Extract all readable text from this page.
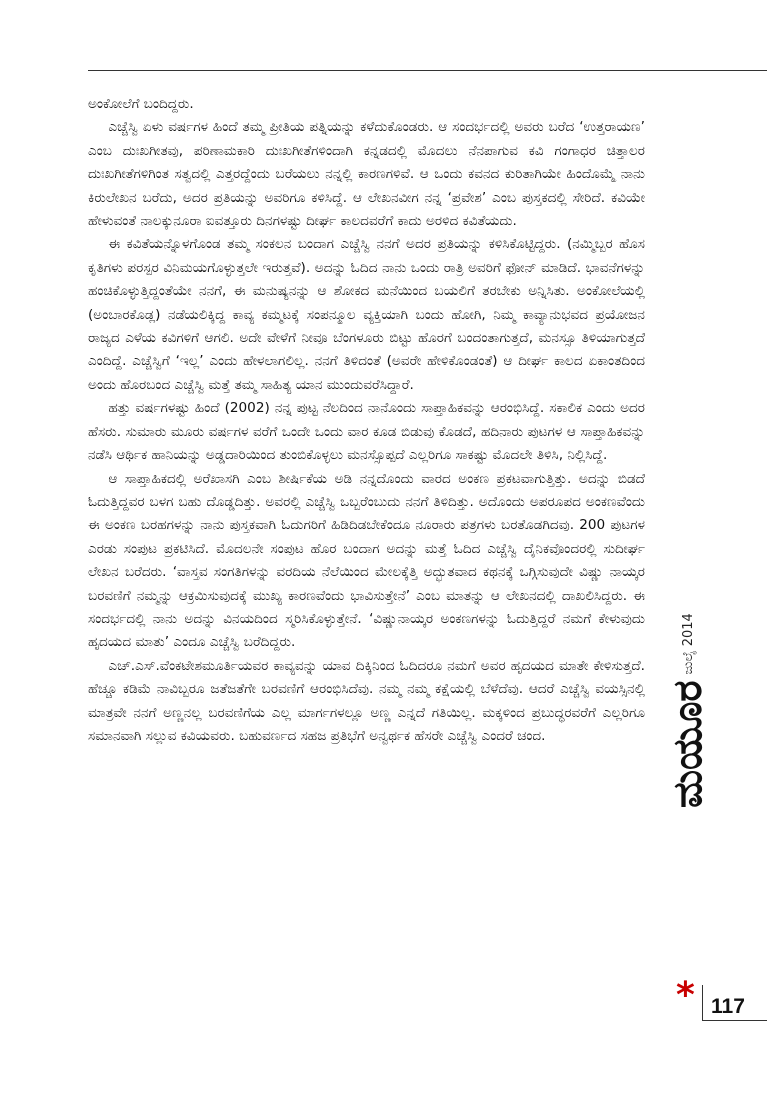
ಅಂಕೋಲೆಗೆ ಬಂದಿದ್ದರು.

ಎಚ್ಚೆಸ್ವಿ ಏಳು ವರ್ಷಗಳ ಹಿಂದೆ ತಮ್ಮ ಪ್ರೀತಿಯ ಪತ್ನಿಯನ್ನು ಕಳೆದುಕೊಂಡರು. ಆ ಸಂದರ್ಭದಲ್ಲಿ ಅವರು ಬರೆದ ‘ಉತ್ತರಾಯಣ’ ಎಂಬ ದುಃಖಗೀತವು, ಪರಿಣಾಮಕಾರಿ ದುಃಖಗೀತೆಗಳಿಂದಾಗಿ ಕನ್ನಡದಲ್ಲಿ ಮೊದಲು ನೆನಪಾಗುವ ಕವಿ ಗಂಗಾಧರ ಚಿತ್ತಾಲರ ದುಃಖಗೀತೆಗಳಿಗಿಂತ ಸತ್ವದಲ್ಲಿ ಎತ್ತರದ್ದೆಂದು ಬರೆಯಲು ನನ್ನಲ್ಲಿ ಕಾರಣಗಳಿವೆ. ಆ ಒಂದು ಕವನದ ಕುರಿತಾಗಿಯೇ ಹಿಂದೊಮ್ಮೆ ನಾನು ಕಿರುಲೇಖನ ಬರೆದು, ಅದರ ಪ್ರತಿಯನ್ನು ಅವರಿಗೂ ಕಳಿಸಿದ್ದೆ. ಆ ಲೇಖನವೀಗ ನನ್ನ ‘ಪ್ರವೇಶ’ ಎಂಬ ಪುಸ್ತಕದಲ್ಲಿ ಸೇರಿದೆ. ಕವಿಯೇ ಹೇಳುವಂತೆ ನಾಲಕ್ಕುನೂರಾ ಐವತ್ತೂರು ದಿನಗಳಷ್ಟು ದೀರ್ಘ ಕಾಲದವರೆಗೆ ಕಾದು ಅರಳಿದ ಕವಿತೆಯದು.

ಈ ಕವಿತೆಯನ್ನೊಳಗೊಂಡ ತಮ್ಮ ಸಂಕಲನ ಬಂದಾಗ ಎಚ್ಚೆಸ್ವಿ ನನಗೆ ಅದರ ಪ್ರತಿಯನ್ನು ಕಳಿಸಿಕೊಟ್ಟಿದ್ದರು. (ನಮ್ಮಿಬ್ಬರ ಹೊಸ ಕೃತಿಗಳು ಪರಸ್ಪರ ವಿನಿಮಯಗೊಳ್ಳುತ್ತಲೇ ಇರುತ್ತವೆ). ಅದನ್ನು ಓದಿದ ನಾನು ಒಂದು ರಾತ್ರಿ ಅವರಿಗೆ ಫೋನ್ ಮಾಡಿದೆ. ಭಾವನೆಗಳನ್ನು ಹಂಚಿಕೊಳ್ಳುತ್ತಿದ್ದಂತೆಯೇ ನನಗೆ, ಈ ಮನುಷ್ಯನನ್ನು ಆ ಶೋಕದ ಮನೆಯಿಂದ ಬಯಲಿಗೆ ತರಬೇಕು ಅನ್ನಿಸಿತು. ಅಂಕೋಲೆಯಲ್ಲಿ (ಅಂಬಾರಕೊಡ್ಲ) ನಡೆಯಲಿಕ್ಕಿದ್ದ ಕಾವ್ಯ ಕಮ್ಮಟಕ್ಕೆ ಸಂಪನ್ಮೂಲ ವ್ಯಕ್ತಿಯಾಗಿ ಬಂದು ಹೋಗಿ, ನಿಮ್ಮ ಕಾವ್ಯಾನುಭವದ ಪ್ರಯೋಜನ ರಾಜ್ಯದ ಎಳೆಯ ಕವಿಗಳಿಗೆ ಆಗಲಿ. ಅದೇ ವೇಳೆಗೆ ನೀವೂ ಬೆಂಗಳೂರು ಬಿಟ್ಟು ಹೊರಗೆ ಬಂದಂತಾಗುತ್ತದೆ, ಮನಸ್ಸೂ ತಿಳಿಯಾಗುತ್ತದೆ ಎಂದಿದ್ದೆ. ಎಚ್ಚೆಸ್ವಿಗೆ ‘ಇಲ್ಲ’ ಎಂದು ಹೇಳಲಾಗಲಿಲ್ಲ. ನನಗೆ ತಿಳಿದಂತೆ (ಅವರೇ ಹೇಳಿಕೊಂಡಂತೆ) ಆ ದೀರ್ಘ ಕಾಲದ ಏಕಾಂತದಿಂದ ಅಂದು ಹೊರಬಂದ ಎಚ್ಚೆಸ್ವಿ ಮತ್ತೆ ತಮ್ಮ ಸಾಹಿತ್ಯ ಯಾನ ಮುಂದುವರೆಸಿದ್ದಾರೆ.

ಹತ್ತು ವರ್ಷಗಳಷ್ಟು ಹಿಂದೆ (2002) ನನ್ನ ಪುಟ್ಟ ನೆಲದಿಂದ ನಾನೊಂದು ಸಾಪ್ತಾಹಿಕವನ್ನು ಆರಂಭಿಸಿದ್ದೆ. ಸಕಾಲಿಕ ಎಂದು ಅದರ ಹೆಸರು. ಸುಮಾರು ಮೂರು ವರ್ಷಗಳ ವರೆಗೆ ಒಂದೇ ಒಂದು ವಾರ ಕೂಡ ಬಿಡುವು ಕೊಡದೆ, ಹದಿನಾರು ಪುಟಗಳ ಆ ಸಾಪ್ತಾಹಿಕವನ್ನು ನಡೆಸಿ ಆರ್ಥಿಕ ಹಾನಿಯನ್ನು ಅಡ್ಡದಾರಿಯಿಂದ ತುಂಬಿಕೊಳ್ಳಲು ಮನಸ್ಸೊಪ್ಪದೆ ಎಲ್ಲರಿಗೂ ಸಾಕಷ್ಟು ಮೊದಲೇ ತಿಳಿಸಿ, ನಿಲ್ಲಿಸಿದ್ದೆ.

ಆ ಸಾಪ್ತಾಹಿಕದಲ್ಲಿ ಅರೆಖಾಸಗಿ ಎಂಬ ಶೀರ್ಷಿಕೆಯ ಅಡಿ ನನ್ನದೊಂದು ವಾರದ ಅಂಕಣ ಪ್ರಕಟವಾಗುತ್ತಿತ್ತು. ಅದನ್ನು ಬಿಡದೆ ಓದುತ್ತಿದ್ದವರ ಬಳಗ ಬಹು ದೊಡ್ಡದಿತ್ತು. ಅವರಲ್ಲಿ ಎಚ್ಚೆಸ್ವಿ ಒಬ್ಬರೆಂಬುದು ನನಗೆ ತಿಳಿದಿತ್ತು. ಅದೊಂದು ಅಪರೂಪದ ಅಂಕಣವೆಂದು ಈ ಅಂಕಣ ಬರಹಗಳನ್ನು ನಾನು ಪುಸ್ತಕವಾಗಿ ಓದುಗರಿಗೆ ಹಿಡಿದಿಡಬೇಕೆಂದೂ ನೂರಾರು ಪತ್ರಗಳು ಬರತೊಡಗಿದವು. 200 ಪುಟಗಳ ಎರಡು ಸಂಪುಟ ಪ್ರಕಟಿಸಿದೆ. ಮೊದಲನೇ ಸಂಪುಟ ಹೊರ ಬಂದಾಗ ಅದನ್ನು ಮತ್ತೆ ಓದಿದ ಎಚ್ಚೆಸ್ವಿ ದೈನಿಕವೊಂದರಲ್ಲಿ ಸುದೀರ್ಘ ಲೇಖನ ಬರೆದರು. ‘ವಾಸ್ತವ ಸಂಗತಿಗಳನ್ನು ವರದಿಯ ನೆಲೆಯಿಂದ ಮೇಲಕ್ಕೆತ್ತಿ ಅದ್ಭುತವಾದ ಕಥನಕ್ಕೆ ಒಗ್ಗಿಸುವುದೇ ವಿಷ್ಣು ನಾಯ್ಕರ ಬರವಣಿಗೆ ನಮ್ಮನ್ನು ಆಕ್ರಮಿಸುವುದಕ್ಕೆ ಮುಖ್ಯ ಕಾರಣವೆಂದು ಭಾವಿಸುತ್ತೇನೆ’ ಎಂಬ ಮಾತನ್ನು ಆ ಲೇಖನದಲ್ಲಿ ದಾಖಲಿಸಿದ್ದರು. ಈ ಸಂದರ್ಭದಲ್ಲಿ ನಾನು ಅದನ್ನು ವಿನಯದಿಂದ ಸ್ಮರಿಸಿಕೊಳ್ಳುತ್ತೇನೆ. ‘ವಿಷ್ಣುನಾಯ್ಕರ ಅಂಕಣಗಳನ್ನು ಓದುತ್ತಿದ್ದರೆ ನಮಗೆ ಕೇಳುವುದು ಹೃದಯದ ಮಾತು’ ಎಂದೂ ಎಚ್ಚೆಸ್ವಿ ಬರೆದಿದ್ದರು.

ಎಚ್.ಎಸ್.ವೆಂಕಟೇಶಮೂರ್ತಿಯವರ ಕಾವ್ಯವನ್ನು ಯಾವ ದಿಕ್ಕಿನಿಂದ ಓದಿದರೂ ನಮಗೆ ಅವರ ಹೃದಯದ ಮಾತೇ ಕೇಳಿಸುತ್ತದೆ. ಹೆಚ್ಚೂ ಕಡಿಮೆ ನಾವಿಬ್ಬರೂ ಜತೆಜತೆಗೇ ಬರವಣಿಗೆ ಆರಂಭಿಸಿದೆವು. ನಮ್ಮ ನಮ್ಮ ಕಕ್ಷೆಯಲ್ಲಿ ಬೆಳೆದೆವು. ಆದರೆ ಎಚ್ಚೆಸ್ವಿ ವಯಸ್ಸಿನಲ್ಲಿ ಮಾತ್ರವೇ ನನಗೆ ಅಣ್ಣನಲ್ಲ ಬರವಣಿಗೆಯ ಎಲ್ಲ ಮಾರ್ಗಗಳಲ್ಲೂ ಅಣ್ಣ ಎನ್ನದೆ ಗತಿಯಿಲ್ಲ. ಮಕ್ಕಳಿಂದ ಪ್ರಬುದ್ಧರವರೆಗೆ ಎಲ್ಲರಿಗೂ ಸಮಾನವಾಗಿ ಸಲ್ಲುವ ಕವಿಯವರು. ಬಹುವರ್ಣದ ಸಹಜ ಪ್ರತಿಭೆಗೆ ಅನ್ವರ್ಥಕ ಹೆಸರೇ ಎಚ್ಚೆಸ್ವಿ ಎಂದರೆ ಚಂದ.	ಮಯೂರ
ಜುಲೈ 2014
* 117
